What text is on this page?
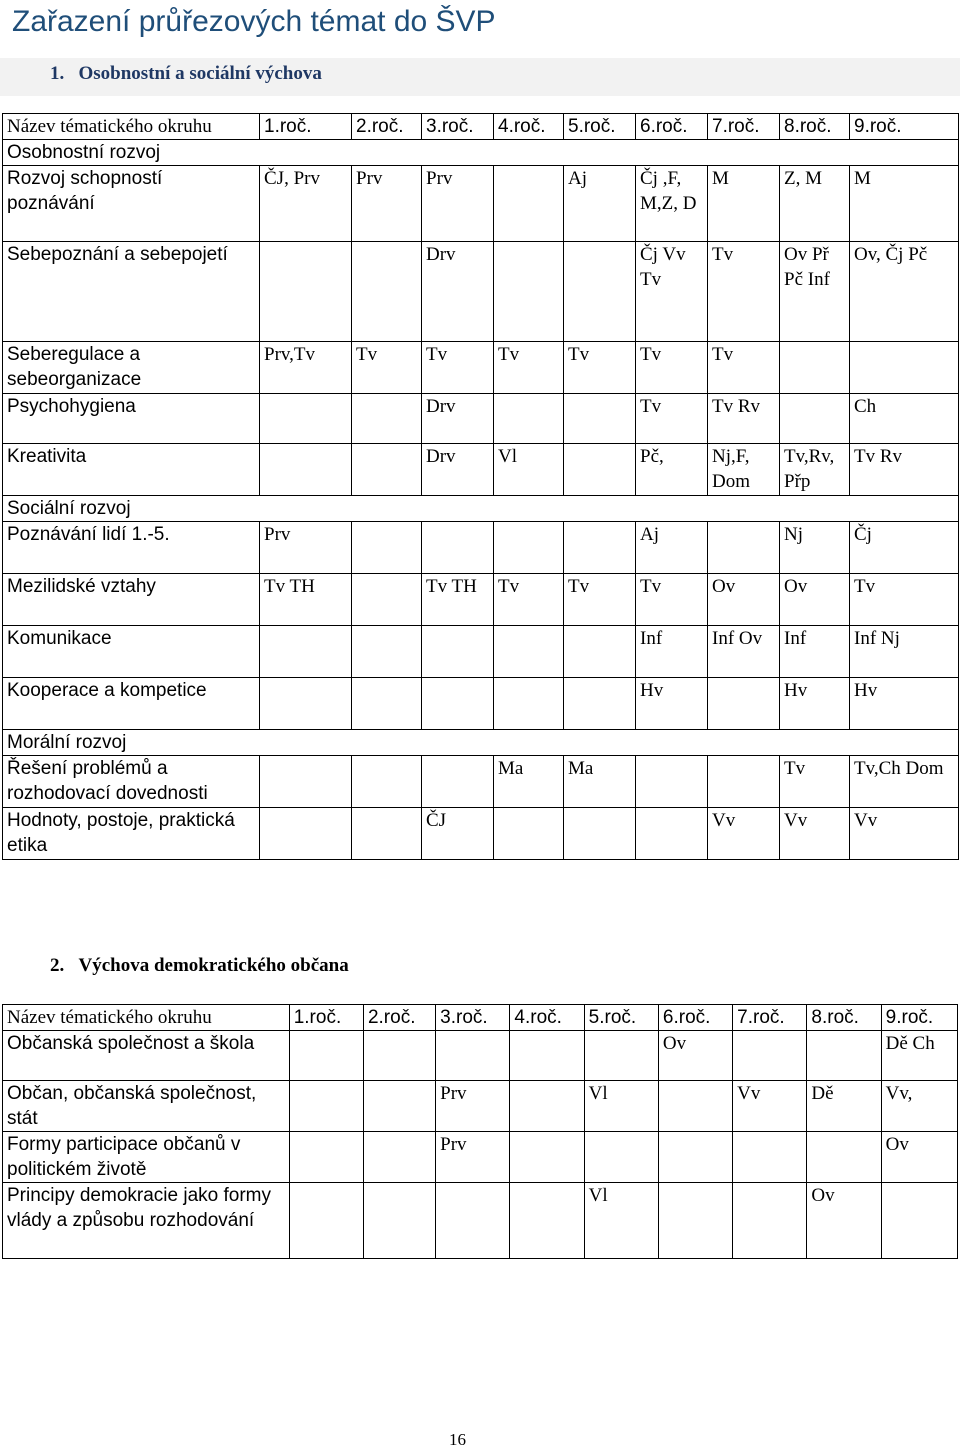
Zařazení průřezových témat do ŠVP
1. Osobnostní a sociální výchova
Název tématického okruhu	1.roč.	2.roč.	3.roč.	4.roč.	5.roč.	6.roč.	7.roč.	8.roč.	9.roč.	
Osobnostní rozvoj										
Rozvoj schopností poznávání	ČJ, Prv	Prv	Prv		Aj	Čj ,F, M,Z, D	M	Z, M	M	
Sebepoznání a sebepojetí			Drv			Čj Vv Tv	Tv	Ov Př Pč Inf	Ov, Čj Pč	
Seberegulace a sebeorganizace	Prv,Tv	Tv	Tv	Tv	Tv	Tv	Tv			
Psychohygiena			Drv			Tv	Tv Rv		Ch	
Kreativita			Drv	Vl		Pč,	Nj,F, Dom	Tv,Rv, Přp	Tv Rv	
Sociální rozvoj										
Poznávání lidí 1.-5.	Prv					Aj		Nj	Čj	
Mezilidské vztahy	Tv TH		Tv TH	Tv	Tv	Tv	Ov	Ov	Tv	
Komunikace						Inf	Inf Ov	Inf	Inf Nj	
Kooperace a kompetice						Hv		Hv	Hv	
Morální rozvoj										
Řešení problémů a rozhodovací dovednosti				Ma	Ma			Tv	Tv,Ch Dom	
Hodnoty, postoje, praktická etika			ČJ				Vv	Vv	Vv	
2. Výchova demokratického občana
Název tématického okruhu	1.roč.	2.roč.	3.roč.	4.roč.	5.roč.	6.roč.	7.roč.	8.roč.	9.roč.
Občanská společnost a škola						Ov			Dě Ch
Občan, občanská společnost, stát			Prv		Vl		Vv	Dě	Vv,
Formy participace občanů v politickém životě			Prv						Ov
Principy demokracie jako formy vlády a způsobu rozhodování					Vl			Ov	
16
